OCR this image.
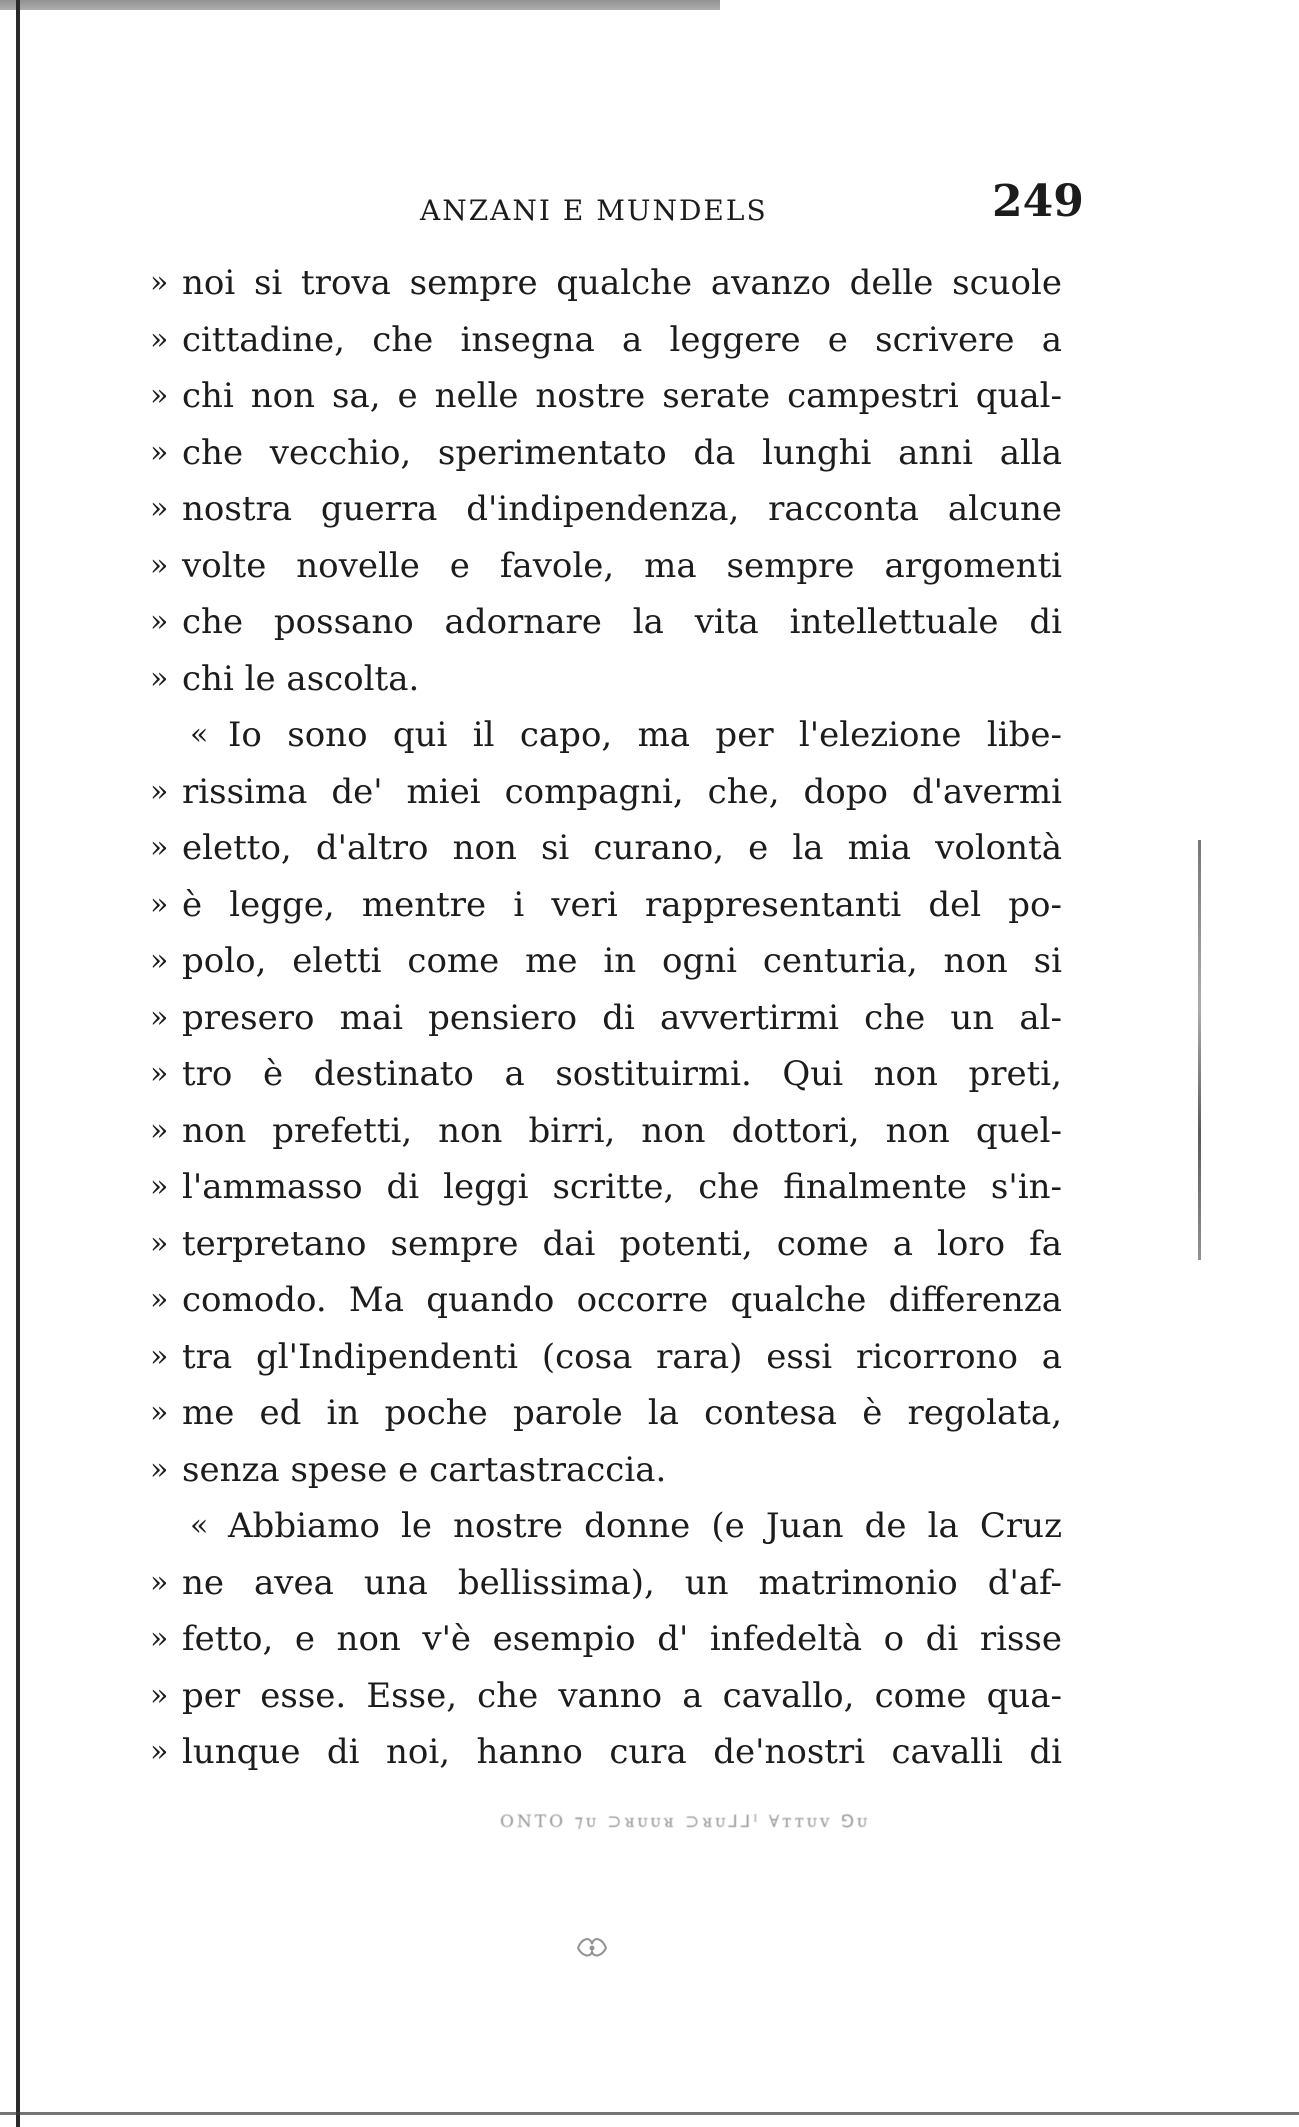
ANZANI E MUNDELS	249
» noi si trova sempre qualche avanzo delle scuole
» cittadine, che insegna a leggere e scrivere a
» chi non sa, e nelle nostre serate campestri qual-
» che vecchio, sperimentato da lunghi anni alla
» nostra guerra d'indipendenza, racconta alcune
» volte novelle e favole, ma sempre argomenti
» che possano adornare la vita intellettuale di
» chi le ascolta.
« Io sono qui il capo, ma per l'elezione libe-
» rissima de' miei compagni, che, dopo d'avermi
» eletto, d'altro non si curano, e la mia volontà
» è legge, mentre i veri rappresentanti del po-
» polo, eletti come me in ogni centuria, non si
» presero mai pensiero di avvertirmi che un al-
» tro è destinato a sostituirmi. Qui non preti,
» non prefetti, non birri, non dottori, non quel-
» l'ammasso di leggi scritte, che finalmente s'in-
» terpretano sempre dai potenti, come a loro fa
» comodo. Ma quando occorre qualche differenza
» tra gl'Indipendenti (cosa rara) essi ricorrono a
» me ed in poche parole la contesa è regolata,
» senza spese e cartastraccia.
« Abbiamo le nostre donne (e Juan de la Cruz
» ne avea una bellissima), un matrimonio d'af-
» fetto, e non v'è esempio d' infedeltà o di risse
» per esse. Esse, che vanno a cavallo, come qua-
» lunque di noi, hanno cura de'nostri cavalli di
ONTO ⁊ᴜ ⊃ᴚᴜᴜᴚ ⊃ᴚᴜ⅃⅃ᴵ ∀ᴛᴛᴜᴠ ⅁ᴜ
